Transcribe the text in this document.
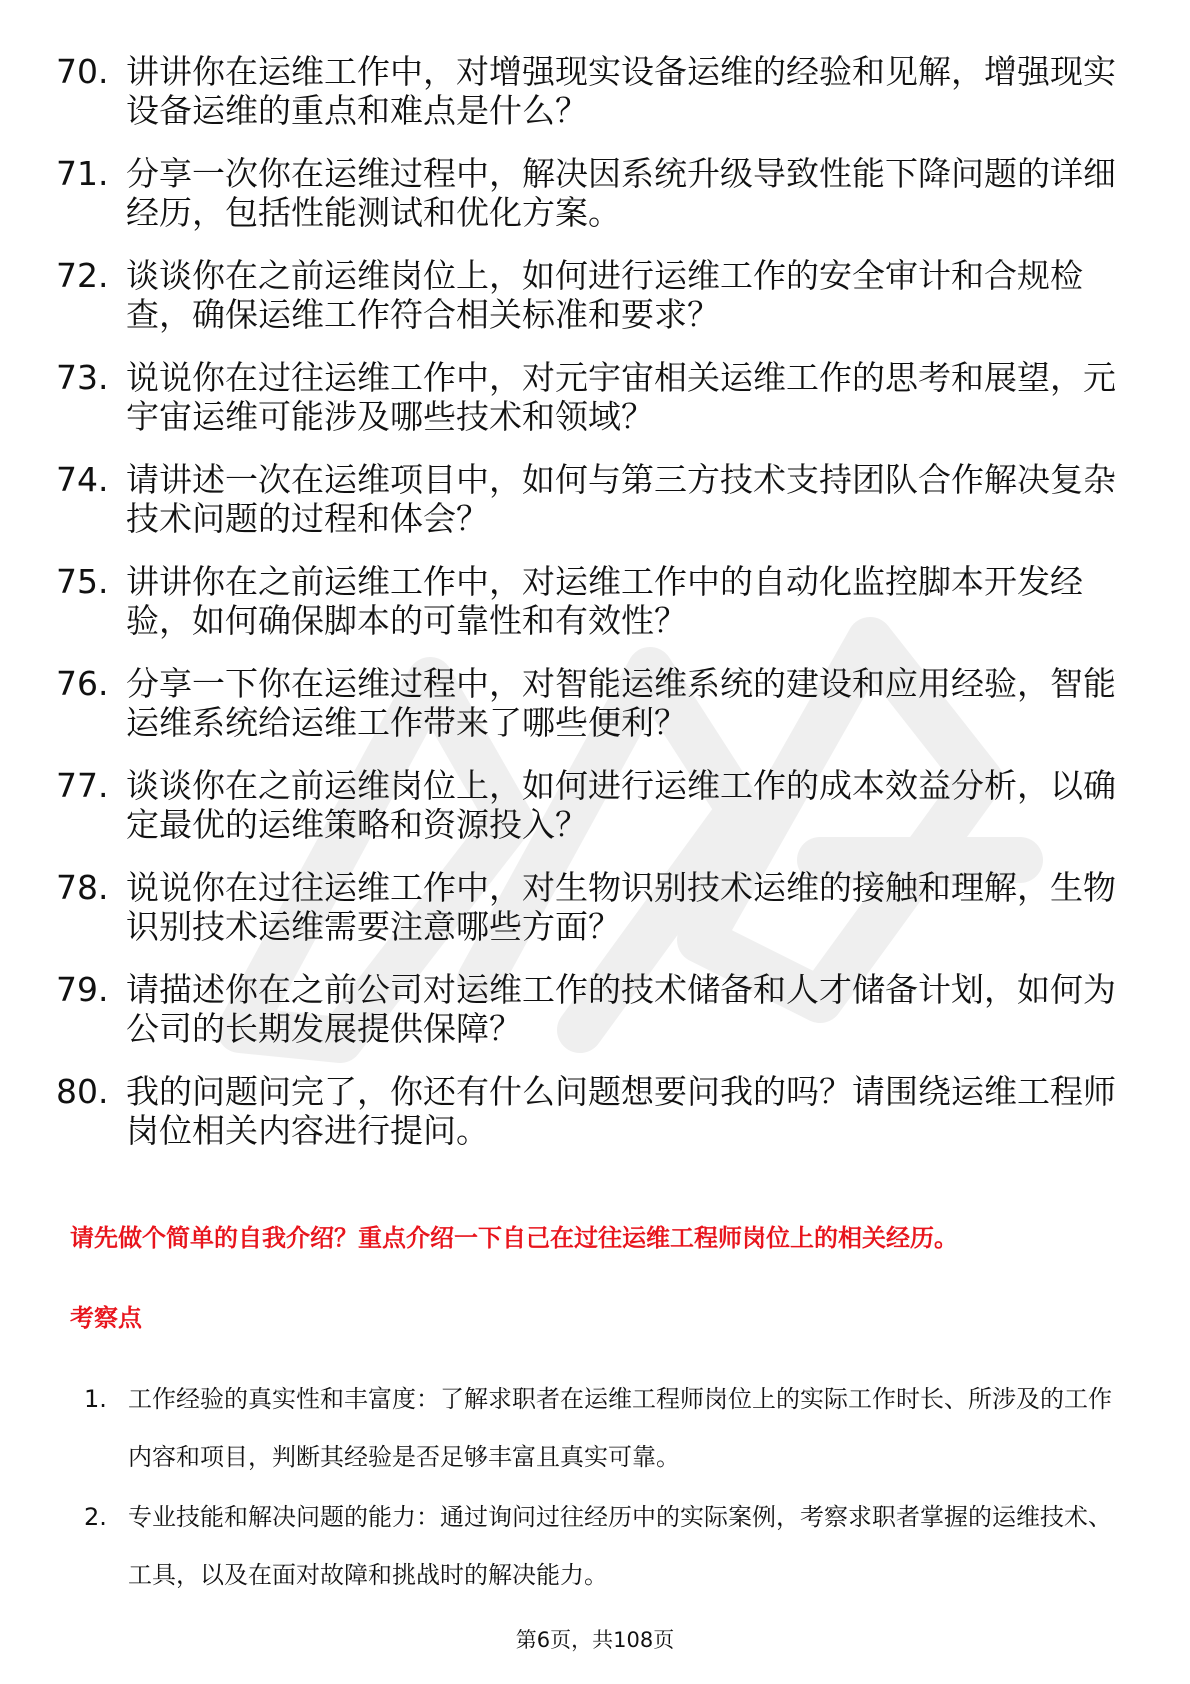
70. 讲讲你在运维工作中，对增强现实设备运维的经验和见解，增强现实设备运维的重点和难点是什么？
71. 分享一次你在运维过程中，解决因系统升级导致性能下降问题的详细经历，包括性能测试和优化方案。
72. 谈谈你在之前运维岗位上，如何进行运维工作的安全审计和合规检查，确保运维工作符合相关标准和要求？
73. 说说你在过往运维工作中，对元宇宙相关运维工作的思考和展望，元宇宙运维可能涉及哪些技术和领域？
74. 请讲述一次在运维项目中，如何与第三方技术支持团队合作解决复杂技术问题的过程和体会？
75. 讲讲你在之前运维工作中，对运维工作中的自动化监控脚本开发经验，如何确保脚本的可靠性和有效性？
76. 分享一下你在运维过程中，对智能运维系统的建设和应用经验，智能运维系统给运维工作带来了哪些便利？
77. 谈谈你在之前运维岗位上，如何进行运维工作的成本效益分析，以确定最优的运维策略和资源投入？
78. 说说你在过往运维工作中，对生物识别技术运维的接触和理解，生物识别技术运维需要注意哪些方面？
79. 请描述你在之前公司对运维工作的技术储备和人才储备计划，如何为公司的长期发展提供保障？
80. 我的问题问完了，你还有什么问题想要问我的吗？请围绕运维工程师岗位相关内容进行提问。
请先做个简单的自我介绍？重点介绍一下自己在过往运维工程师岗位上的相关经历。
考察点
1. 工作经验的真实性和丰富度：了解求职者在运维工程师岗位上的实际工作时长、所涉及的工作内容和项目，判断其经验是否足够丰富且真实可靠。
2. 专业技能和解决问题的能力：通过询问过往经历中的实际案例，考察求职者掌握的运维技术、工具，以及在面对故障和挑战时的解决能力。
第6页，共108页
